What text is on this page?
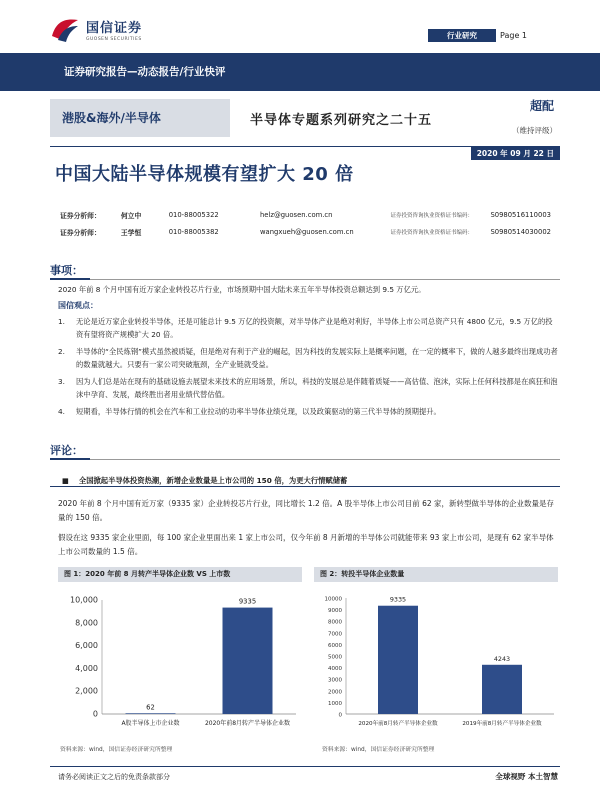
国信证券
GUOSEN SECURITIES	行业研究	Page 1
证券研究报告—动态报告/行业快评
港股&海外/半导体	半导体专题系列研究之二十五
超配
（维持评级）
2020 年 09 月 22 日
中国大陆半导体规模有望扩大 20 倍
证券分析师：	何立中	010-88005322	helz@guosen.com.cn	证券投资咨询执业资格证书编码：	S0980516110003
证券分析师：	王学恒	010-88005382	wangxueh@guosen.com.cn	证券投资咨询执业资格证书编码：	S0980514030002
事项：
2020 年前 8 个月中国有近万家企业转投芯片行业，市场预期中国大陆未来五年半导体投资总额达到 9.5 万亿元。
国信观点：
1.	无论是近万家企业转投半导体，还是可能总计 9.5 万亿的投资额，对半导体产业是绝对利好，半导体上市公司总资产只有 4800 亿元，9.5 万亿的投资有望将资产规模扩大 20 倍。
2.	半导体的“全民炼钢”模式虽然被质疑，但是绝对有利于产业的崛起，因为科技的发展实际上是概率问题，在一定的概率下，做的人越多最终出现成功者的数量就越大。只要有一家公司突破瓶颈，全产业链就受益。
3.	因为人们总是站在现有的基础设施去展望未来技术的应用场景，所以，科技的发展总是伴随着质疑——高估值、泡沫，实际上任何科技都是在疯狂和泡沫中孕育、发展，最终胜出者用业绩代替估值。
4.	短期看，半导体行情的机会在汽车和工业拉动的功率半导体业绩兑现，以及政策驱动的第三代半导体的预期提升。
评论：
■ 全国掀起半导体投资热潮，新增企业数量是上市公司的 150 倍，为更大行情赋储蓄
2020 年前 8 个月中国有近万家（9335 家）企业转投芯片行业，同比增长 1.2 倍。A 股半导体上市公司目前 62 家，新转型做半导体的企业数量是存量的 150 倍。
假设在这 9335 家企业里面，每 100 家企业里面出来 1 家上市公司，仅今年前 8 月新增的半导体公司就能带来 93 家上市公司，是现有 62 家半导体上市公司数量的 1.5 倍。
图 1：2020 年前 8 月转产半导体企业数 VS 上市数
0
2,000
4,000
6,000
8,000
10,000
62
A股半导体上市企业数
9335
2020年前8月转产半导体企业数
资料来源：wind，国信证券经济研究所整理
图 2：转投半导体企业数量
0
1000
2000
3000
4000
5000
6000
7000
8000
9000
10000	9335
2020年前8月转产半导体企业数
4243
2019年前8月转产半导体企业数
资料来源：wind，国信证券经济研究所整理
请务必阅读正文之后的免责条款部分	全球视野 本土智慧
